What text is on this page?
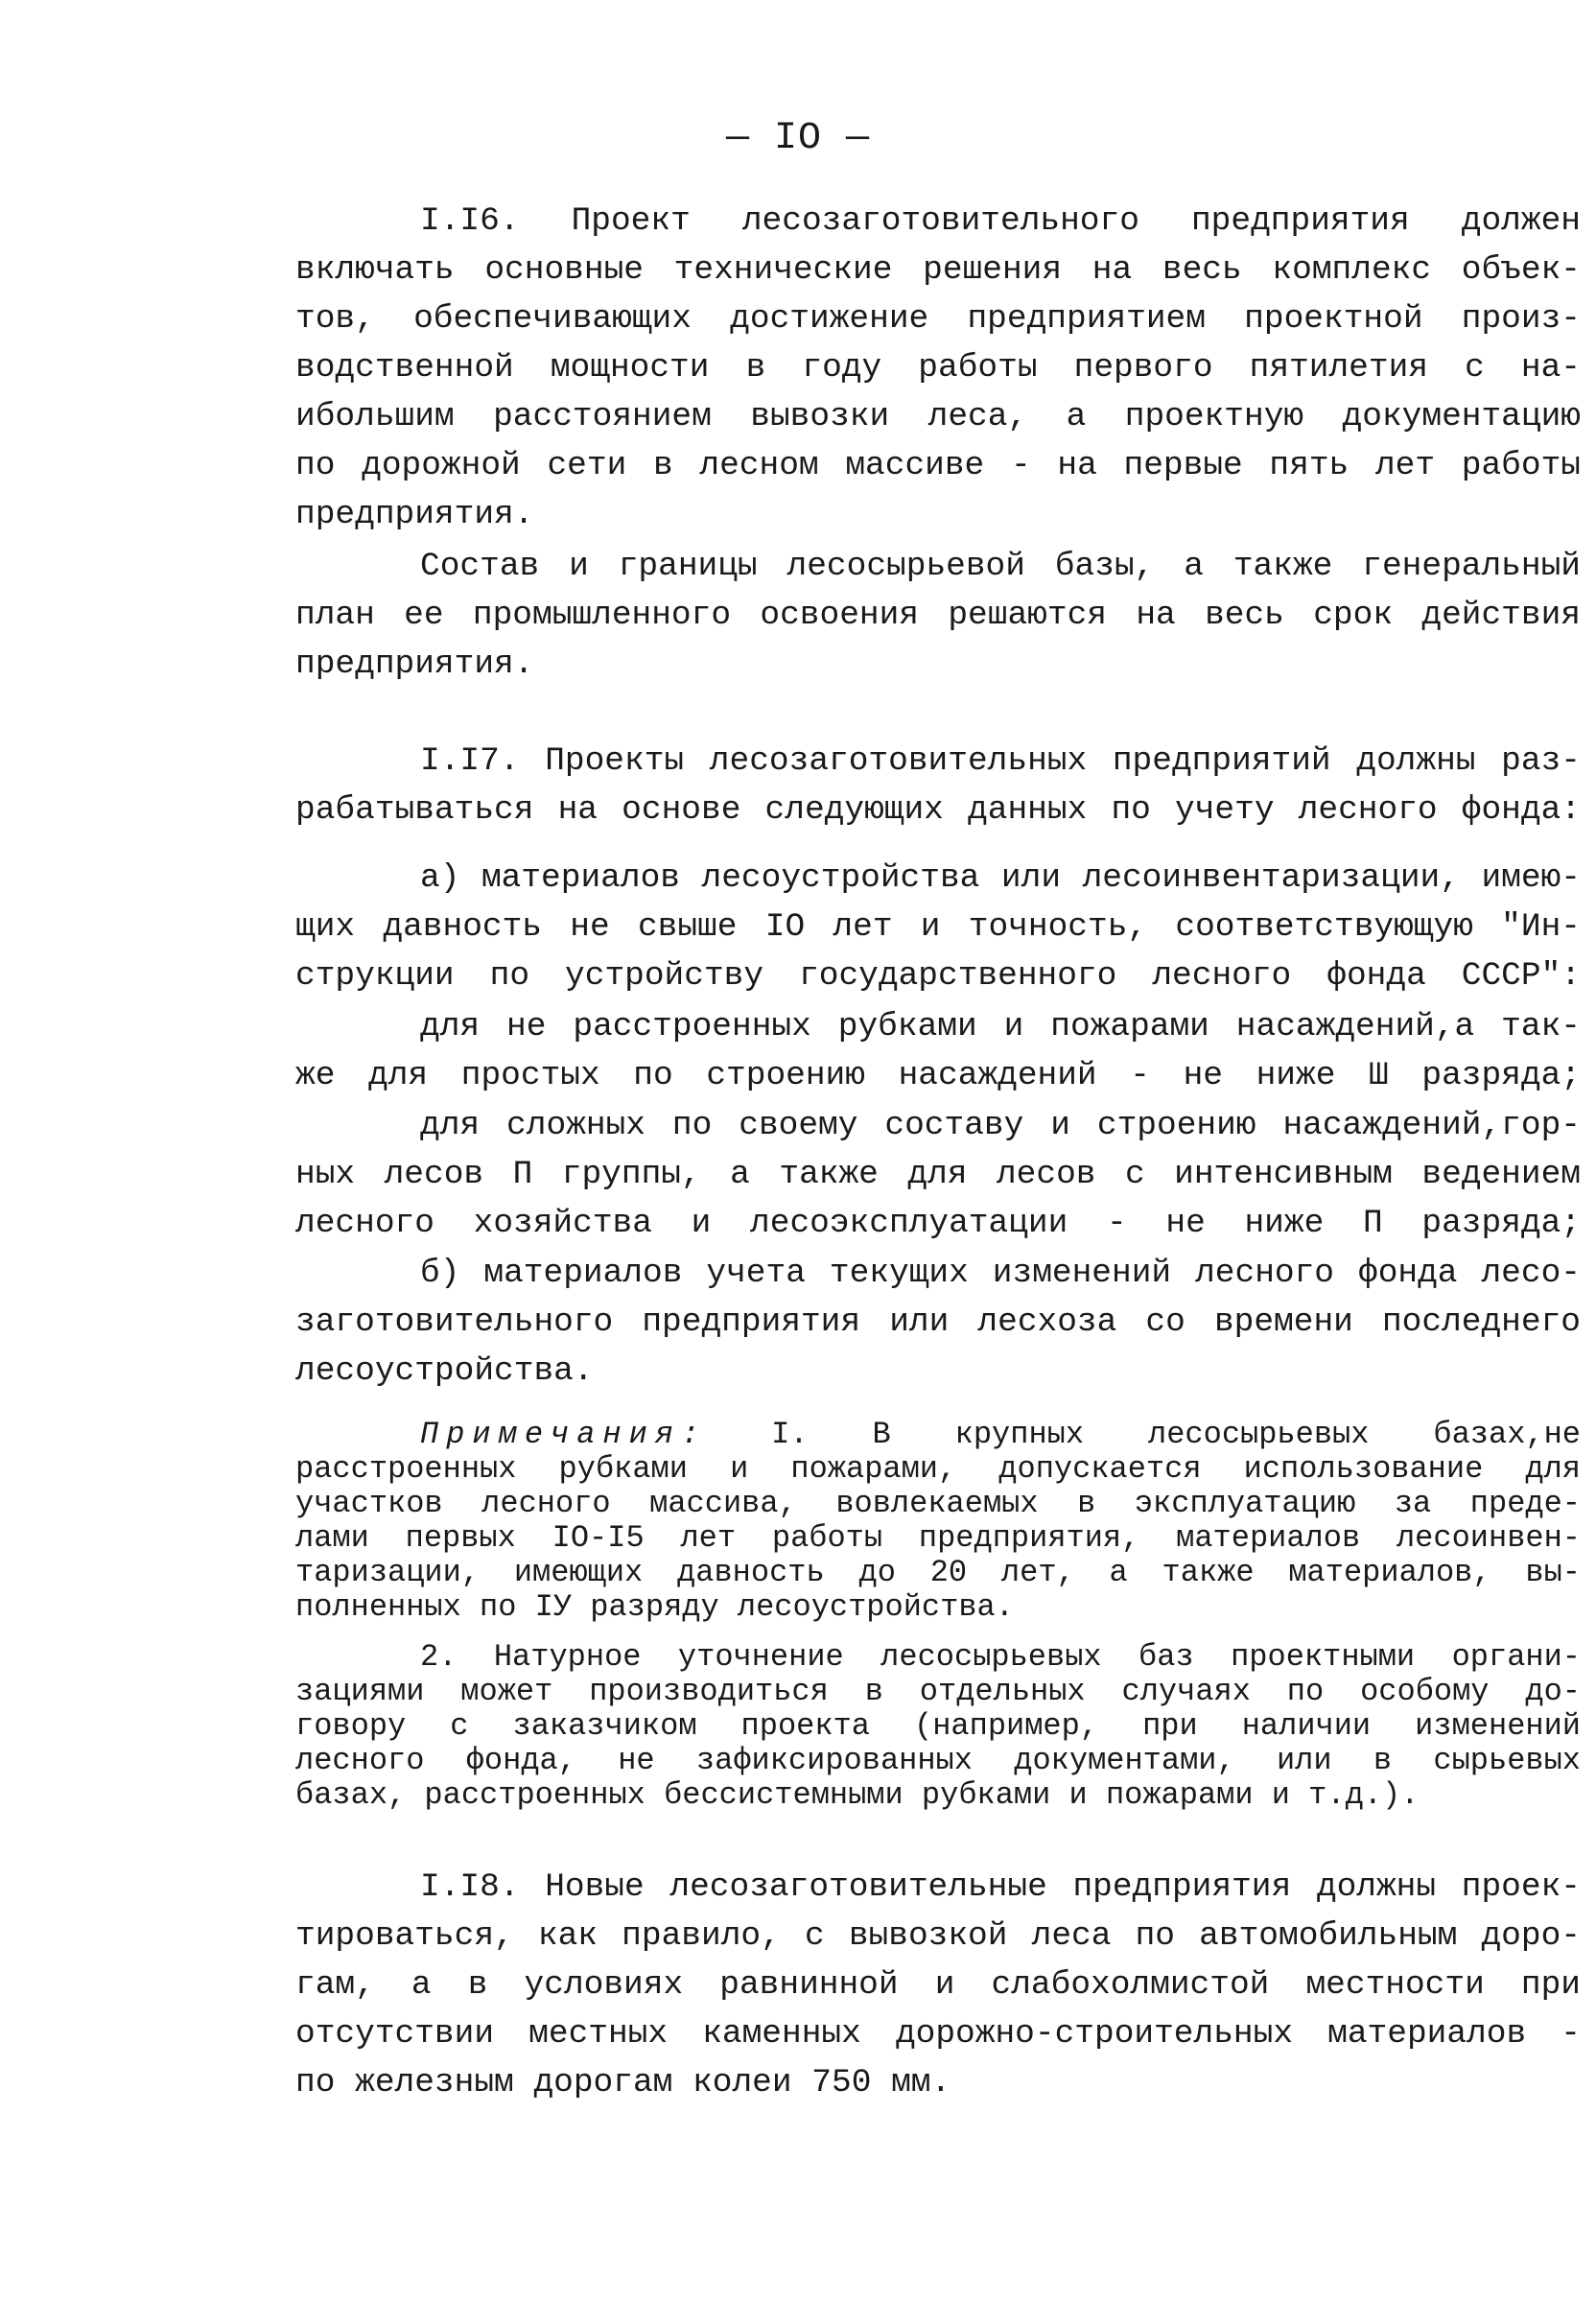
— IO —
I.I6. Проект лесозаготовительного предприятия должен
включать основные технические решения на весь комплекс объек-
тов, обеспечивающих достижение предприятием проектной произ-
водственной мощности в году работы первого пятилетия с на-
ибольшим расстоянием вывозки леса, а проектную документацию
по дорожной сети в лесном массиве - на первые пять лет работы
предприятия.
Состав и границы лесосырьевой базы, а также генеральный
план ее промышленного освоения решаются на весь срок действия
предприятия.
I.I7. Проекты лесозаготовительных предприятий должны раз-
рабатываться на основе следующих данных по учету лесного фонда:
а) материалов лесоустройства или лесоинвентаризации, имею-
щих давность не свыше IO лет и точность, соответствующую "Ин-
струкции по устройству государственного лесного фонда СССР":
для не расстроенных рубками и пожарами насаждений,а так-
же для простых по строению насаждений - не ниже Ш разряда;
для сложных по своему составу и строению насаждений,гор-
ных лесов П группы, а также для лесов с интенсивным ведением
лесного хозяйства и лесоэксплуатации - не ниже П разряда;
б) материалов учета текущих изменений лесного фонда лесо-
заготовительного предприятия или лесхоза со времени последнего
лесоустройства.
Примечания: I. В крупных лесосырьевых базах,не
расстроенных рубками и пожарами, допускается использование для
участков лесного массива, вовлекаемых в эксплуатацию за преде-
лами первых IO-I5 лет работы предприятия, материалов лесоинвен-
таризации, имеющих давность до 20 лет, а также материалов, вы-
полненных по IУ разряду лесоустройства.
2. Натурное уточнение лесосырьевых баз проектными органи-
зациями может производиться в отдельных случаях по особому до-
говору с заказчиком проекта (например, при наличии изменений
лесного фонда, не зафиксированных документами, или в сырьевых
базах, расстроенных бессистемными рубками и пожарами и т.д.).
I.I8. Новые лесозаготовительные предприятия должны проек-
тироваться, как правило, с вывозкой леса по автомобильным доро-
гам, а в условиях равнинной и слабохолмистой местности при
отсутствии местных каменных дорожно-строительных материалов -
по железным дорогам колеи 750 мм.
